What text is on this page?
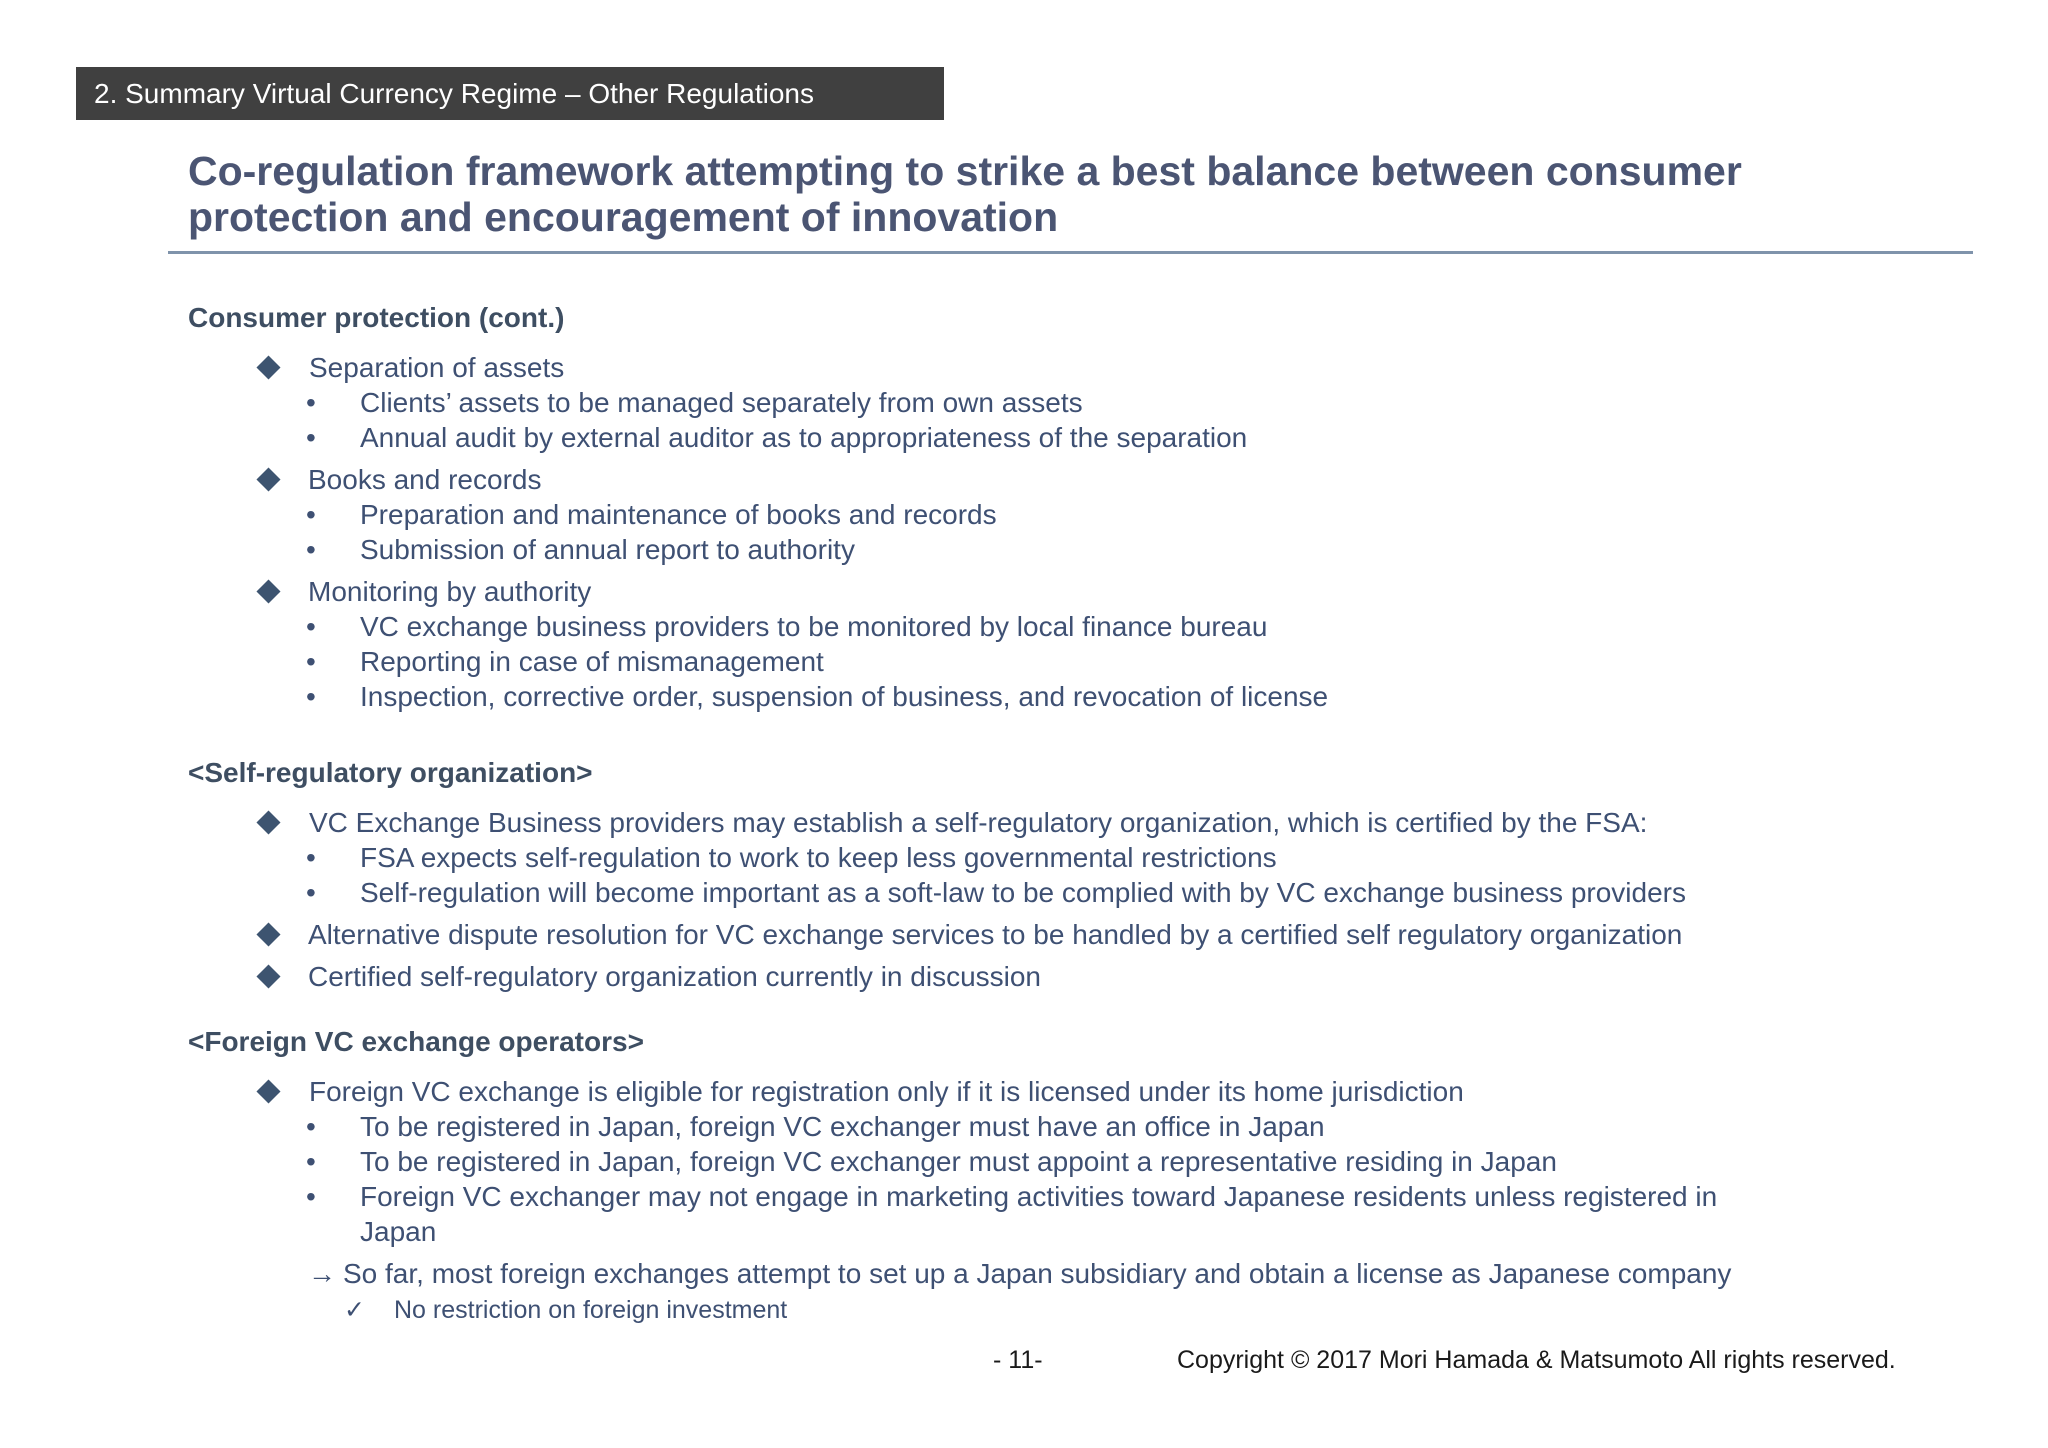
2. Summary Virtual Currency Regime – Other Regulations
Co-regulation framework attempting to strike a best balance between consumer
protection and encouragement of innovation
Consumer protection (cont.)
Separation of assets
• Clients’ assets to be managed separately from own assets
• Annual audit by external auditor as to appropriateness of the separation
Books and records
• Preparation and maintenance of books and records
• Submission of annual report to authority
Monitoring by authority
• VC exchange business providers to be monitored by local finance bureau
• Reporting in case of mismanagement
• Inspection, corrective order, suspension of business, and revocation of license
<Self-regulatory organization>
VC Exchange Business providers may establish a self-regulatory organization, which is certified by the FSA:
• FSA expects self-regulation to work to keep less governmental restrictions
• Self-regulation will become important as a soft-law to be complied with by VC exchange business providers
Alternative dispute resolution for VC exchange services to be handled by a certified self regulatory organization
Certified self-regulatory organization currently in discussion
<Foreign VC exchange operators>
Foreign VC exchange is eligible for registration only if it is licensed under its home jurisdiction
• To be registered in Japan, foreign VC exchanger must have an office in Japan
• To be registered in Japan, foreign VC exchanger must appoint a representative residing in Japan
• Foreign VC exchanger may not engage in marketing activities toward Japanese residents unless registered in
Japan
→ So far, most foreign exchanges attempt to set up a Japan subsidiary and obtain a license as Japanese company
✓ No restriction on foreign investment
- 11-	Copyright © 2017 Mori Hamada & Matsumoto All rights reserved.
